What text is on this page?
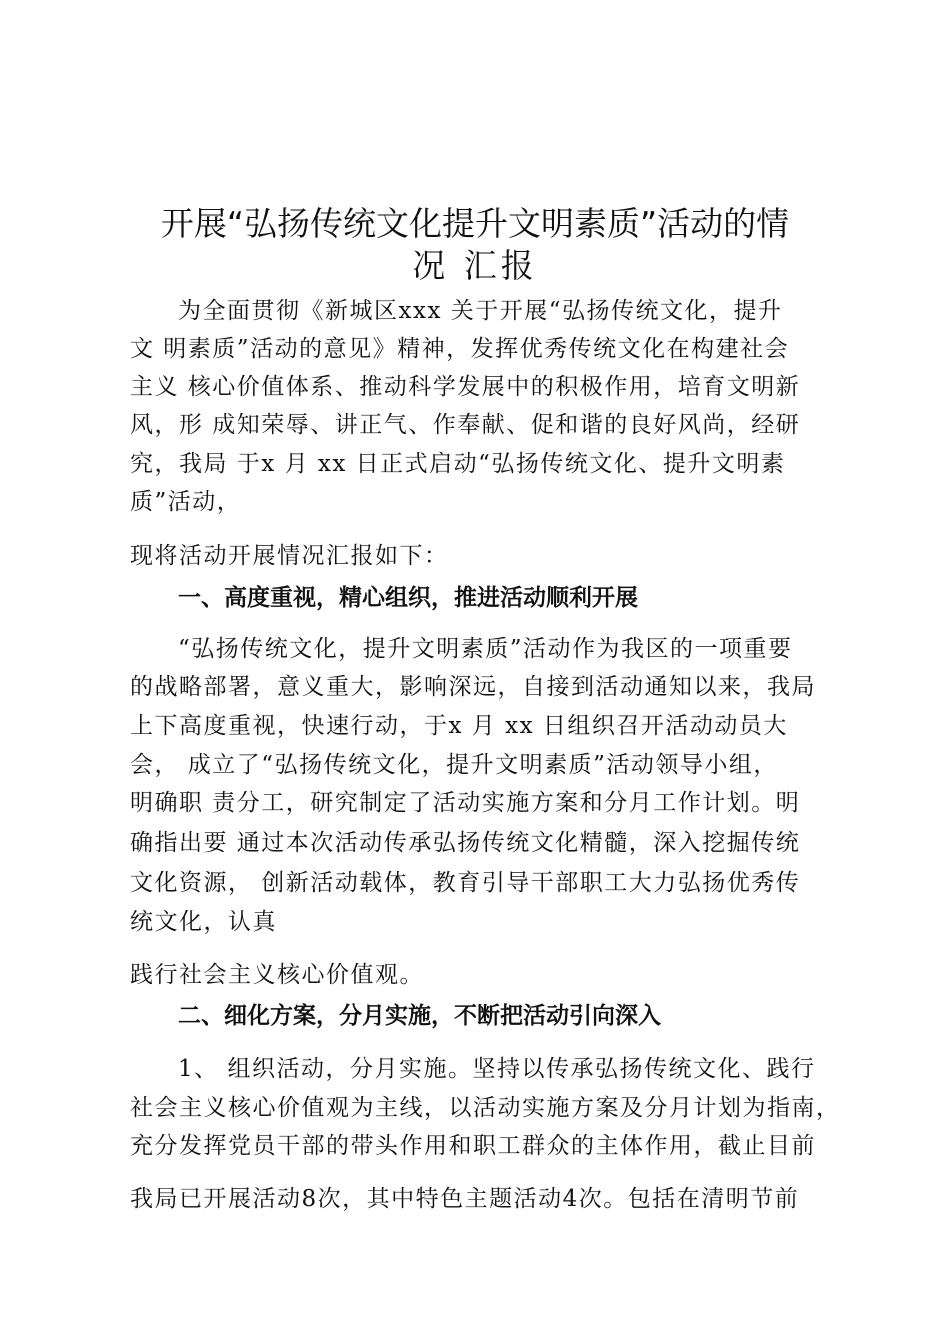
开展“弘扬传统文化提升文明素质”活动的情
况 汇报
为全面贯彻《新城区xxx 关于开展“弘扬传统文化，提升
文 明素质”活动的意见》精神，发挥优秀传统文化在构建社会
主义 核心价值体系、推动科学发展中的积极作用，培育文明新
风，形 成知荣辱、讲正气、作奉献、促和谐的良好风尚，经研
究，我局 于x 月 xx 日正式启动“弘扬传统文化、提升文明素
质”活动，
现将活动开展情况汇报如下：
一、高度重视，精心组织，推进活动顺利开展
“弘扬传统文化，提升文明素质”活动作为我区的一项重要
的战略部署，意义重大，影响深远，自接到活动通知以来，我局
上下高度重视，快速行动，于x 月 xx 日组织召开活动动员大
会， 成立了“弘扬传统文化，提升文明素质”活动领导小组，
明确职 责分工，研究制定了活动实施方案和分月工作计划。明
确指出要 通过本次活动传承弘扬传统文化精髓，深入挖掘传统
文化资源， 创新活动载体，教育引导干部职工大力弘扬优秀传
统文化，认真
践行社会主义核心价值观。
二、细化方案，分月实施，不断把活动引向深入
1、 组织活动，分月实施。坚持以传承弘扬传统文化、践行
社会主义核心价值观为主线，以活动实施方案及分月计划为指南，
充分发挥党员干部的带头作用和职工群众的主体作用，截止目前
我局已开展活动8次，其中特色主题活动4次。包括在清明节前
